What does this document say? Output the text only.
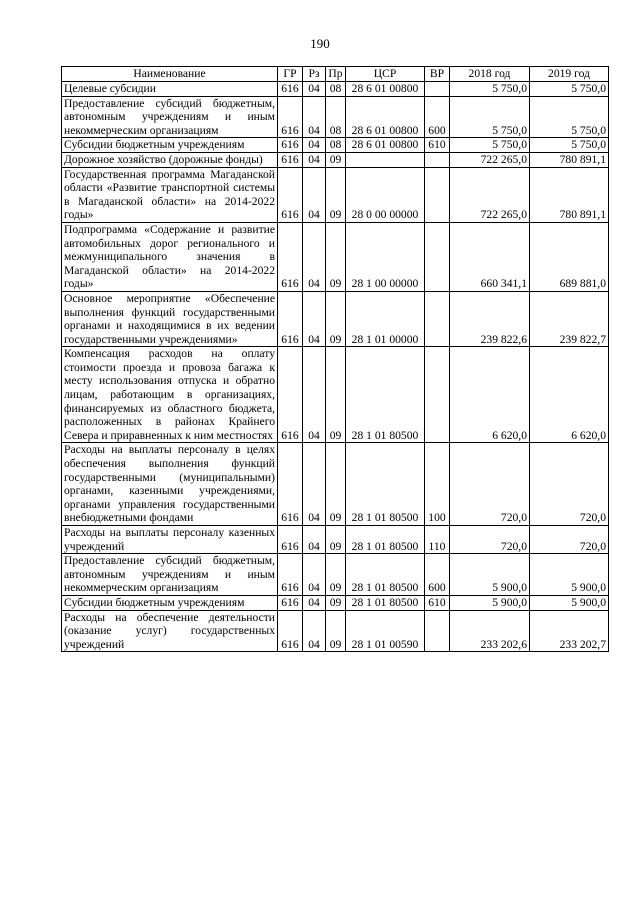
190
Наименование	ГР	Рз	Пр	ЦСР	ВР	2018 год	2019 год
Целевые субсидии	616	04	08	28 6 01 00800		5 750,0	5 750,0
Предоставление субсидий бюджетным, автономным учреждениям и иным некоммерческим организациям	616	04	08	28 6 01 00800	600	5 750,0	5 750,0
Субсидии бюджетным учреждениям	616	04	08	28 6 01 00800	610	5 750,0	5 750,0
Дорожное хозяйство (дорожные фонды)	616	04	09			722 265,0	780 891,1
Государственная программа Магаданской области «Развитие транспортной системы в Магаданской области» на 2014-2022 годы»	616	04	09	28 0 00 00000		722 265,0	780 891,1
Подпрограмма «Содержание и развитие автомобильных дорог регионального и межмуниципального значения в Магаданской области» на 2014-2022 годы»	616	04	09	28 1 00 00000		660 341,1	689 881,0
Основное мероприятие «Обеспечение выполнения функций государственными органами и находящимися в их ведении государственными учреждениями»	616	04	09	28 1 01 00000		239 822,6	239 822,7
Компенсация расходов на оплату стоимости проезда и провоза багажа к месту использования отпуска и обратно лицам, работающим в организациях, финансируемых из областного бюджета, расположенных в районах Крайнего Севера и приравненных к ним местностях	616	04	09	28 1 01 80500		6 620,0	6 620,0
Расходы на выплаты персоналу в целях обеспечения выполнения функций государственными (муниципальными) органами, казенными учреждениями, органами управления государственными внебюджетными фондами	616	04	09	28 1 01 80500	100	720,0	720,0
Расходы на выплаты персоналу казенных учреждений	616	04	09	28 1 01 80500	110	720,0	720,0
Предоставление субсидий бюджетным, автономным учреждениям и иным некоммерческим организациям	616	04	09	28 1 01 80500	600	5 900,0	5 900,0
Субсидии бюджетным учреждениям	616	04	09	28 1 01 80500	610	5 900,0	5 900,0
Расходы на обеспечение деятельности (оказание услуг) государственных учреждений	616	04	09	28 1 01 00590		233 202,6	233 202,7
